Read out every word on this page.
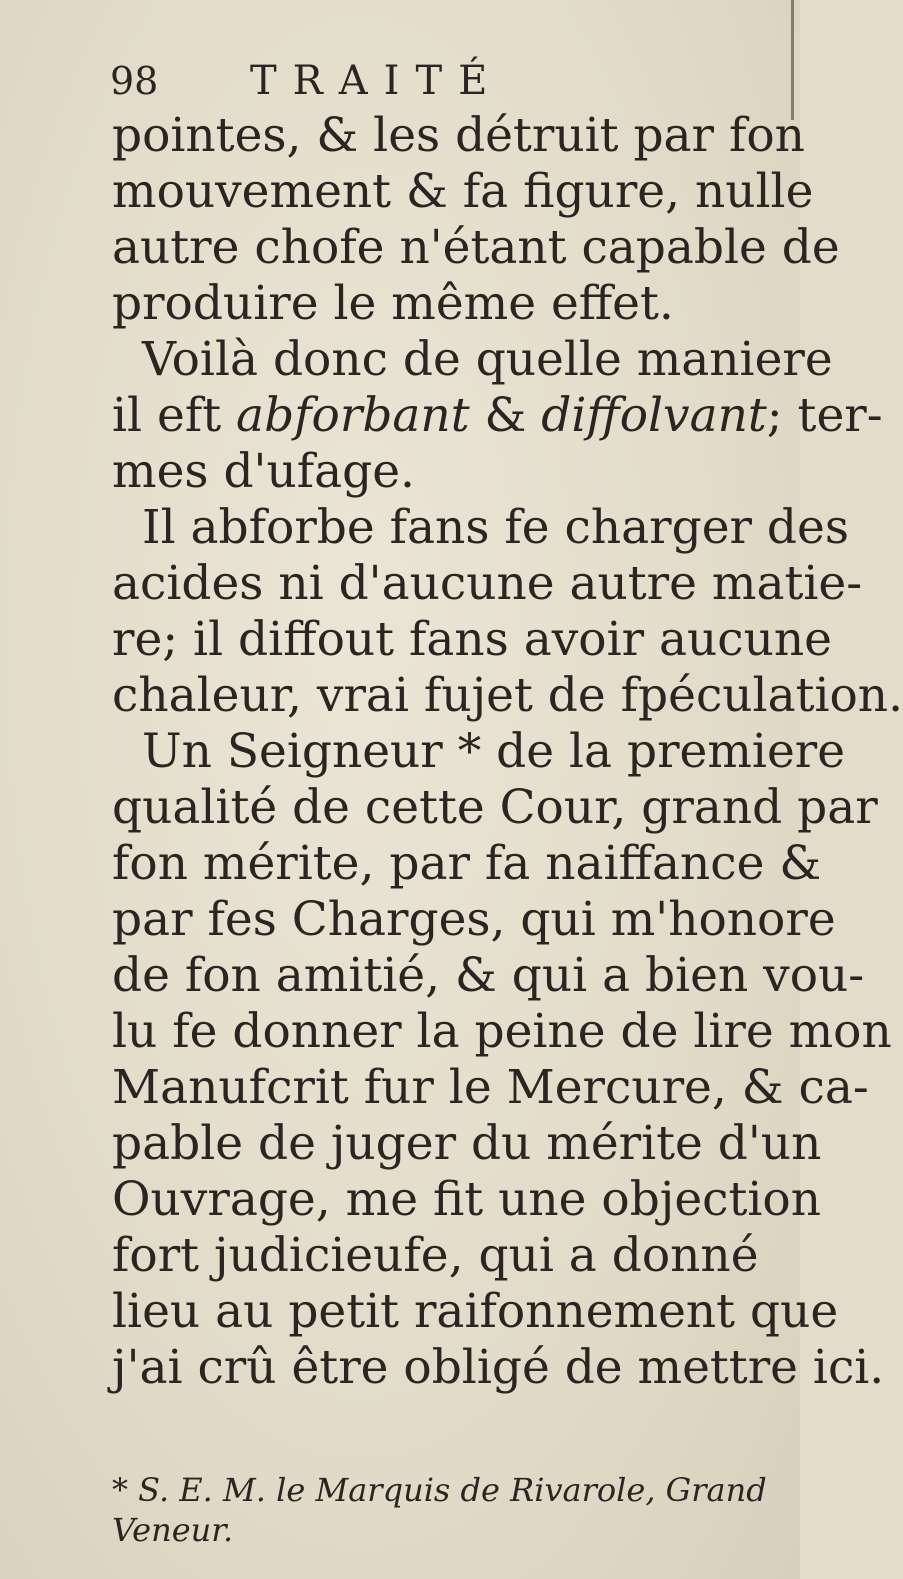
98	TRAITÉ
pointes, & les détruit par fon
mouvement & fa figure, nulle
autre chofe n'étant capable de
produire le même effet.
Voilà donc de quelle maniere
il eft abforbant & diffolvant; ter-
mes d'ufage.
Il abforbe fans fe charger des
acides ni d'aucune autre matie-
re; il diffout fans avoir aucune
chaleur, vrai fujet de fpéculation.
Un Seigneur * de la premiere
qualité de cette Cour, grand par
fon mérite, par fa naiffance &
par fes Charges, qui m'honore
de fon amitié, & qui a bien vou-
lu fe donner la peine de lire mon
Manufcrit fur le Mercure, & ca-
pable de juger du mérite d'un
Ouvrage, me fit une objection
fort judicieufe, qui a donné
lieu au petit raifonnement que
j'ai crû être obligé de mettre ici.
* S. E. M. le Marquis de Rivarole, Grand
Veneur.
